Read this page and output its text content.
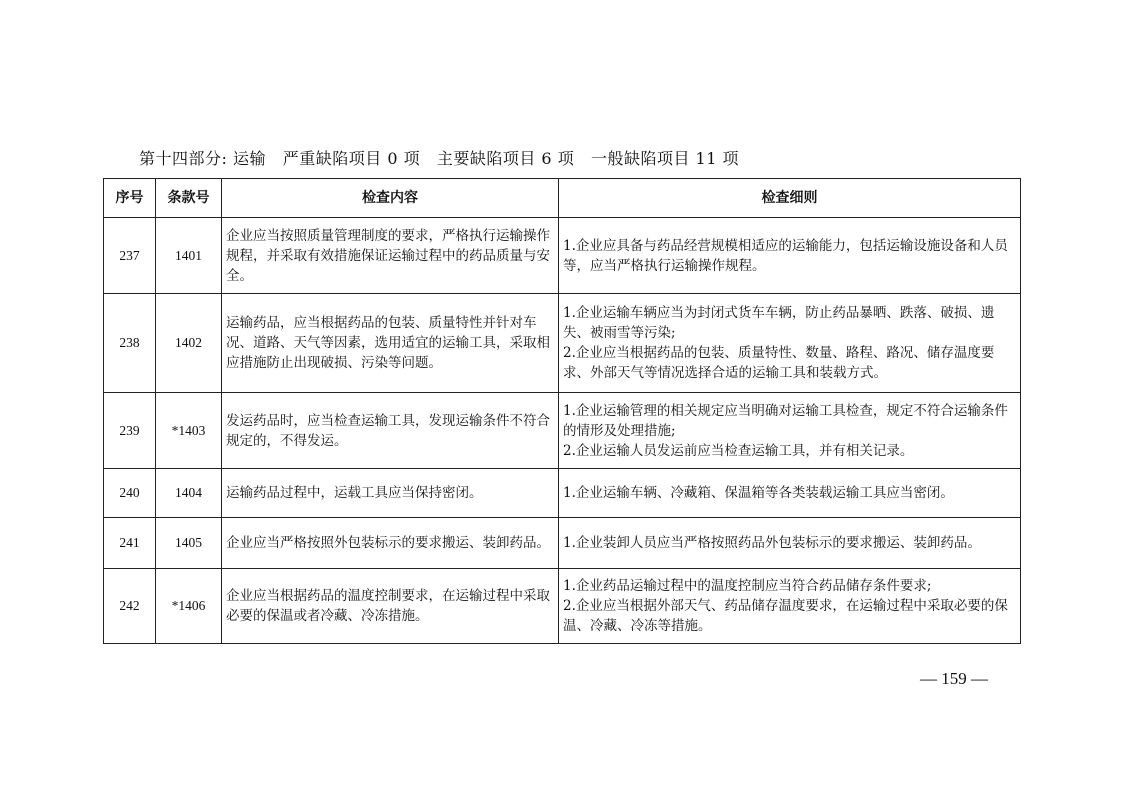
第十四部分: 运输   严重缺陷项目 0 项   主要缺陷项目 6 项   一般缺陷项目 11 项
序号	条款号	检查内容	检查细则
237	1401	企业应当按照质量管理制度的要求，严格执行运输操作规程，并采取有效措施保证运输过程中的药品质量与安全。	1.企业应具备与药品经营规模相适应的运输能力，包括运输设施设备和人员等，应当严格执行运输操作规程。

238	1402	运输药品，应当根据药品的包装、质量特性并针对车况、道路、天气等因素，选用适宜的运输工具，采取相应措施防止出现破损、污染等问题。	1.企业运输车辆应当为封闭式货车车辆，防止药品暴晒、跌落、破损、遗失、被雨雪等污染;
2.企业应当根据药品的包装、质量特性、数量、路程、路况、储存温度要求、外部天气等情况选择合适的运输工具和装载方式。

239	*1403	发运药品时，应当检查运输工具，发现运输条件不符合规定的，不得发运。	1.企业运输管理的相关规定应当明确对运输工具检查，规定不符合运输条件的情形及处理措施;
2.企业运输人员发运前应当检查运输工具，并有相关记录。

240	1404	运输药品过程中，运载工具应当保持密闭。	1.企业运输车辆、冷藏箱、保温箱等各类装载运输工具应当密闭。

241	1405	企业应当严格按照外包装标示的要求搬运、装卸药品。	1.企业装卸人员应当严格按照药品外包装标示的要求搬运、装卸药品。

242	*1406	企业应当根据药品的温度控制要求，在运输过程中采取必要的保温或者冷藏、冷冻措施。	1.企业药品运输过程中的温度控制应当符合药品储存条件要求;
2.企业应当根据外部天气、药品储存温度要求，在运输过程中采取必要的保温、冷藏、冷冻等措施。
— 159 —
